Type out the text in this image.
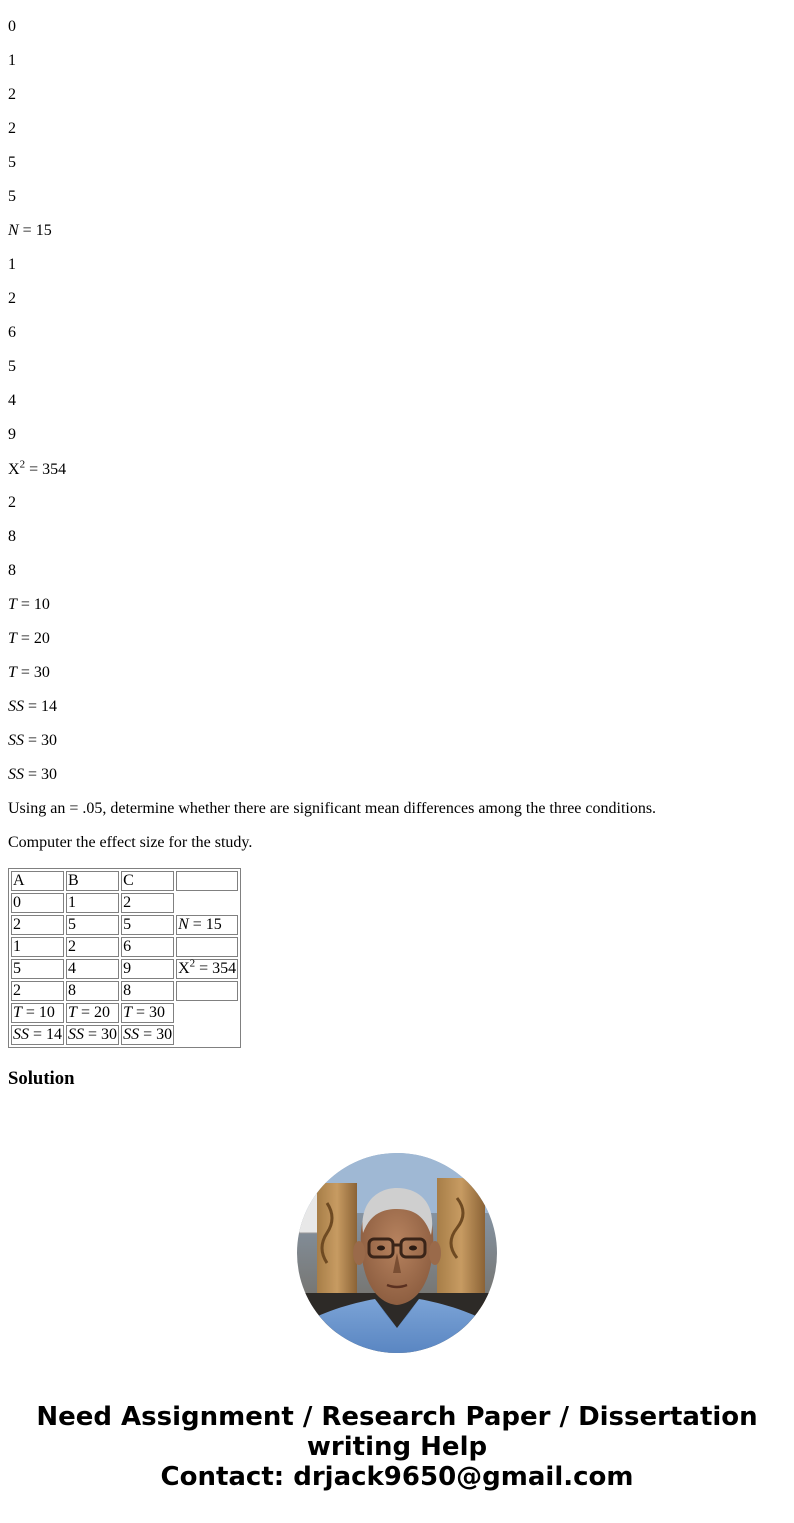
0

1

2

2

5

5

N = 15

1

2

6

5

4

9

$X^2 = 354$

2

8

8

T = 10

T = 20

T = 30

SS = 14

SS = 30

SS = 30

Using an = .05, determine whether there are significant mean differences among the three conditions.

Computer the effect size for the study.

A	B	C	
0	1	2	
2	5	5	N = 15
1	2	6	
5	4	9	$X^2 = 354$
2	8	8	
T = 10	T = 20	T = 30	
SS = 14	SS = 30	SS = 30	
Solution
Need Assignment / Research Paper / Dissertation
writing Help
Contact: drjack9650@gmail.com
